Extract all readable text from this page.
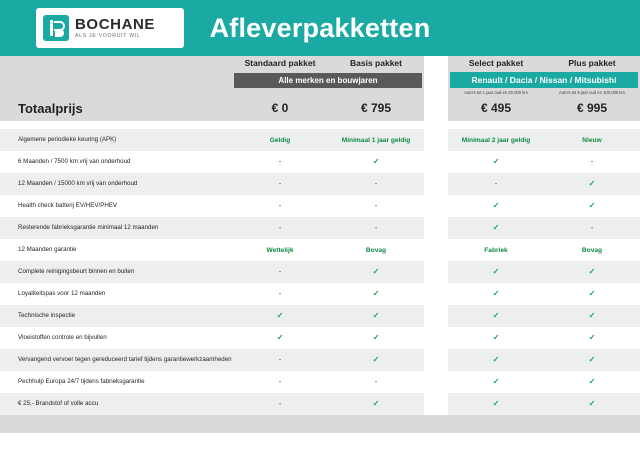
BOCHANE
ALS JE VOORUIT WIL	Afleverpakketten
	Standaard pakket	Basis pakket		Select pakket	Plus pakket

	Alle merken en bouwjaren			Renault / Dacia / Nissan / Mitsubishi	

				Auto's tot 1 jaar oud en 20.000 km	Auto's tot 5 jaar oud en 100.000 km
Totaalprijs	€ 0	€ 795		€ 495	€ 995

Algemene periodieke keuring (APK)	Geldig	Minimaal 1 jaar geldig		Minimaal 2 jaar geldig	Nieuw
6 Maanden / 7500 km vrij van onderhoud	-	✓		✓	-
12 Maanden / 15000 km vrij van onderhoud	-	-		-	✓
Health check batterij EV/HEV/PHEV	-	-		✓	✓
Resterende fabrieksgarantie minimaal 12 maanden	-	-		✓	-
12 Maanden garantie	Wettelijk	Bovag		Fabriek	Bovag
Complete reinigingsbeurt binnen en buiten	-	✓		✓	✓
Loyaliteitspas voor 12 maanden	-	✓		✓	✓
Technische inspectie	✓	✓		✓	✓
Vloeistoffen controle en bijvullen	✓	✓		✓	✓
Vervangend vervoer tegen gereduceerd tarief tijdens garantiewerkzaamheden	-	✓		✓	✓
Pechhulp Europa 24/7 tijdens fabrieksgarantie	-	-		✓	✓
€ 25,- Brandstof of volle accu	-	✓		✓	✓
